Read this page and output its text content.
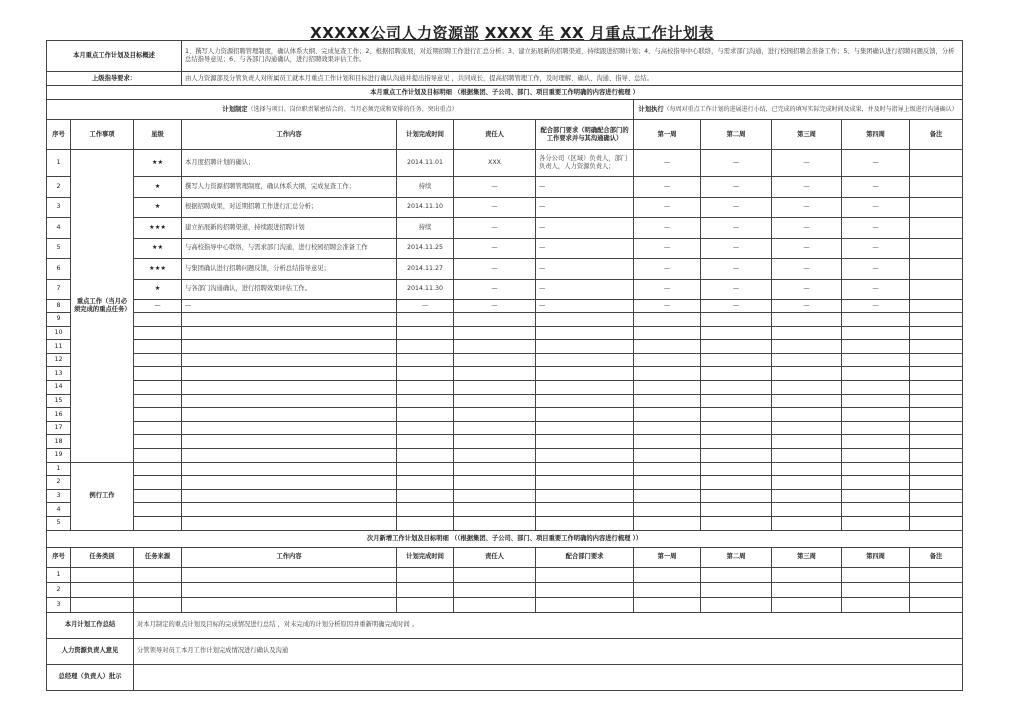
XXXXX公司人力资源部 XXXX 年 XX 月重点工作计划表
本月重点工作计划及目标概述			1、撰写人力资源招聘管理制度，确认体系大纲、完成复查工作；2、根据招聘流展，对近期招聘工作进行汇总分析；3、建立拓展新的招聘渠道，持续跟进招聘计划；4、与高校指导中心联络，与需求部门沟通，进行校园招聘会准备工作；5、与集团确认进行招聘问题反馈，分析总结指导意见；6、与各部门沟通确认，进行招聘效果评估工作。								
上级指导要求：			由人力资源部及分管负责人对所属员工就本月重点工作计划和目标进行确认沟通并提出指导意见 ，共同成长，提高招聘管理工作，及时理解、确认、沟通、指导、总结。								
本月重点工作计划及目标明细 （根据集团、子公司、部门、项目重要工作明确的内容进行梳理 ）											
计划制定（选择与项目、岗位职责紧密结合的、当月必须完成和安排的任务、突出重点）							计划执行（每周对重点工作计划的进展进行小结，已完成的填写实际完成时间及成果，并及时与指导上级进行沟通确认）				
序号	工作事项	星级	工作内容	计划完成时间	责任人	配合部门要求（明确配合部门的工作要求并与其沟通确认）	第一周	第二周	第三周	第四周	备注
1	重点工作（当月必须完成的重点任务）	★★	本月度招聘计划的确认；	2014.11.01	XXX	各分公司（区域）负责人，部门负责人，人力资源负责人；	—	—	—	—	
2		★	撰写人力资源招聘管理制度，确认体系大纲，完成复查工作；	持续	—	—	—	—	—	—	
3		★	根据招聘成果，对近期招聘工作进行汇总分析；	2014.11.10	—	—	—	—	—	—	
4		★★★	建立拓展新的招聘渠道，持续跟进招聘计划	持续	—	—	—	—	—	—	
5		★★	与高校指导中心联络，与需求部门沟通，进行校园招聘会准备工作	2014.11.25	—	—	—	—	—	—	
6		★★★	与集团确认进行招聘问题反馈，分析总结指导意见；	2014.11.27	—	—	—	—	—	—	
7		★	与各部门沟通确认，进行招聘效果评估工作。	2014.11.30	—	—	—	—	—	—	
8		—	—	—	—	—	—	—	—	—	
9											
10											
11											
12											
13											
14											
15											
16											
17											
18											
19											
1	例行工作										
2											
3											
4											
5											
次月新增工作计划及目标明细 （（根据集团、子公司、部门、项目重要工作明确的内容进行梳理 ））											
序号	任务类别	任务来源	工作内容	计划完成时间	责任人	配合部门要求	第一周	第二周	第三周	第四周	备注
1											
2											
3											
本月计划工作总结		对本月制定的重点计划及目标的完成情况进行总结 ，对未完成的计划分析原因并重新明确完成时间 。									
人力资源负责人意见		分管领导对员工本月工作计划完成情况进行确认及沟通									
总经理（负责人）批示											
